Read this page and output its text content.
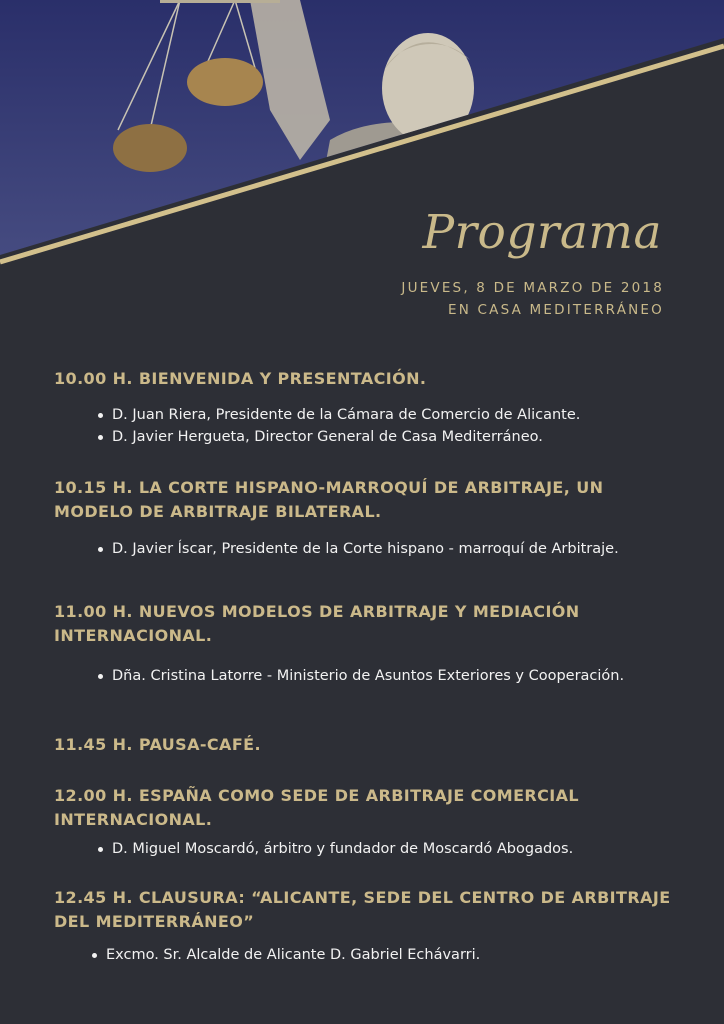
Programa
JUEVES, 8 DE MARZO DE 2018
EN CASA MEDITERRÁNEO
10.00 H. BIENVENIDA Y PRESENTACIÓN.
D. Juan Riera, Presidente de la Cámara de Comercio de Alicante.
D. Javier Hergueta, Director General de Casa Mediterráneo.
10.15 H. LA CORTE HISPANO-MARROQUÍ DE ARBITRAJE, UN MODELO DE ARBITRAJE BILATERAL.
D. Javier Íscar, Presidente de la Corte hispano - marroquí de Arbitraje.
11.00 H. NUEVOS MODELOS DE ARBITRAJE Y MEDIACIÓN INTERNACIONAL.
Dña. Cristina Latorre - Ministerio de Asuntos Exteriores y Cooperación.
11.45 H. PAUSA-CAFÉ.
12.00 H. ESPAÑA COMO SEDE DE ARBITRAJE COMERCIAL INTERNACIONAL.
D. Miguel Moscardó, árbitro y fundador de Moscardó Abogados.
12.45 H. CLAUSURA: “ALICANTE, SEDE DEL CENTRO DE ARBITRAJE DEL MEDITERRÁNEO”
Excmo. Sr. Alcalde de Alicante D. Gabriel Echávarri.
